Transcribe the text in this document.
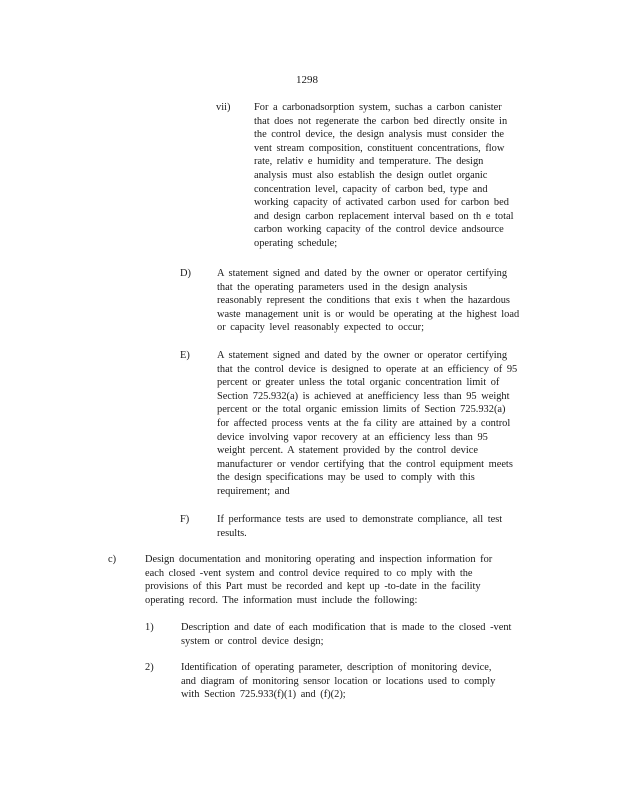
1298
vii) For a carbonadsorption system, suchas a carbon canister
that does not regenerate the carbon bed directly onsite in
the control device, the design analysis must consider the
vent stream composition, constituent concentrations, flow
rate, relativ e humidity and temperature. The design
analysis must also establish the design outlet organic
concentration level, capacity of carbon bed, type and
working capacity of activated carbon used for carbon bed
and design carbon replacement interval based on th e total
carbon working capacity of the control device andsource
operating schedule;
D)	A statement signed and dated by the owner or operator certifying
that the operating parameters used in the design analysis
reasonably represent the conditions that exis t when the hazardous
waste management unit is or would be operating at the highest load
or capacity level reasonably expected to occur;
E)	A statement signed and dated by the owner or operator certifying
that the control device is designed to operate at an efficiency of 95
percent or greater unless the total organic concentration limit of
Section 725.932(a) is achieved at anefficiency less than 95 weight
percent or the total organic emission limits of Section 725.932(a)
for affected process vents at the fa cility are attained by a control
device involving vapor recovery at an efficiency less than 95
weight percent. A statement provided by the control device
manufacturer or vendor certifying that the control equipment meets
the design specifications may be used to comply with this
requirement; and
F)	If performance tests are used to demonstrate compliance, all test
results.
c)	Design documentation and monitoring operating and inspection information for
each closed -vent system and control device required to co mply with the
provisions of this Part must be recorded and kept up -to-date in the facility
operating record. The information must include the following:
1)	Description and date of each modification that is made to the closed -vent
system or control device design;
2)	Identification of operating parameter, description of monitoring device,
and diagram of monitoring sensor location or locations used to comply
with Section 725.933(f)(1) and (f)(2);
